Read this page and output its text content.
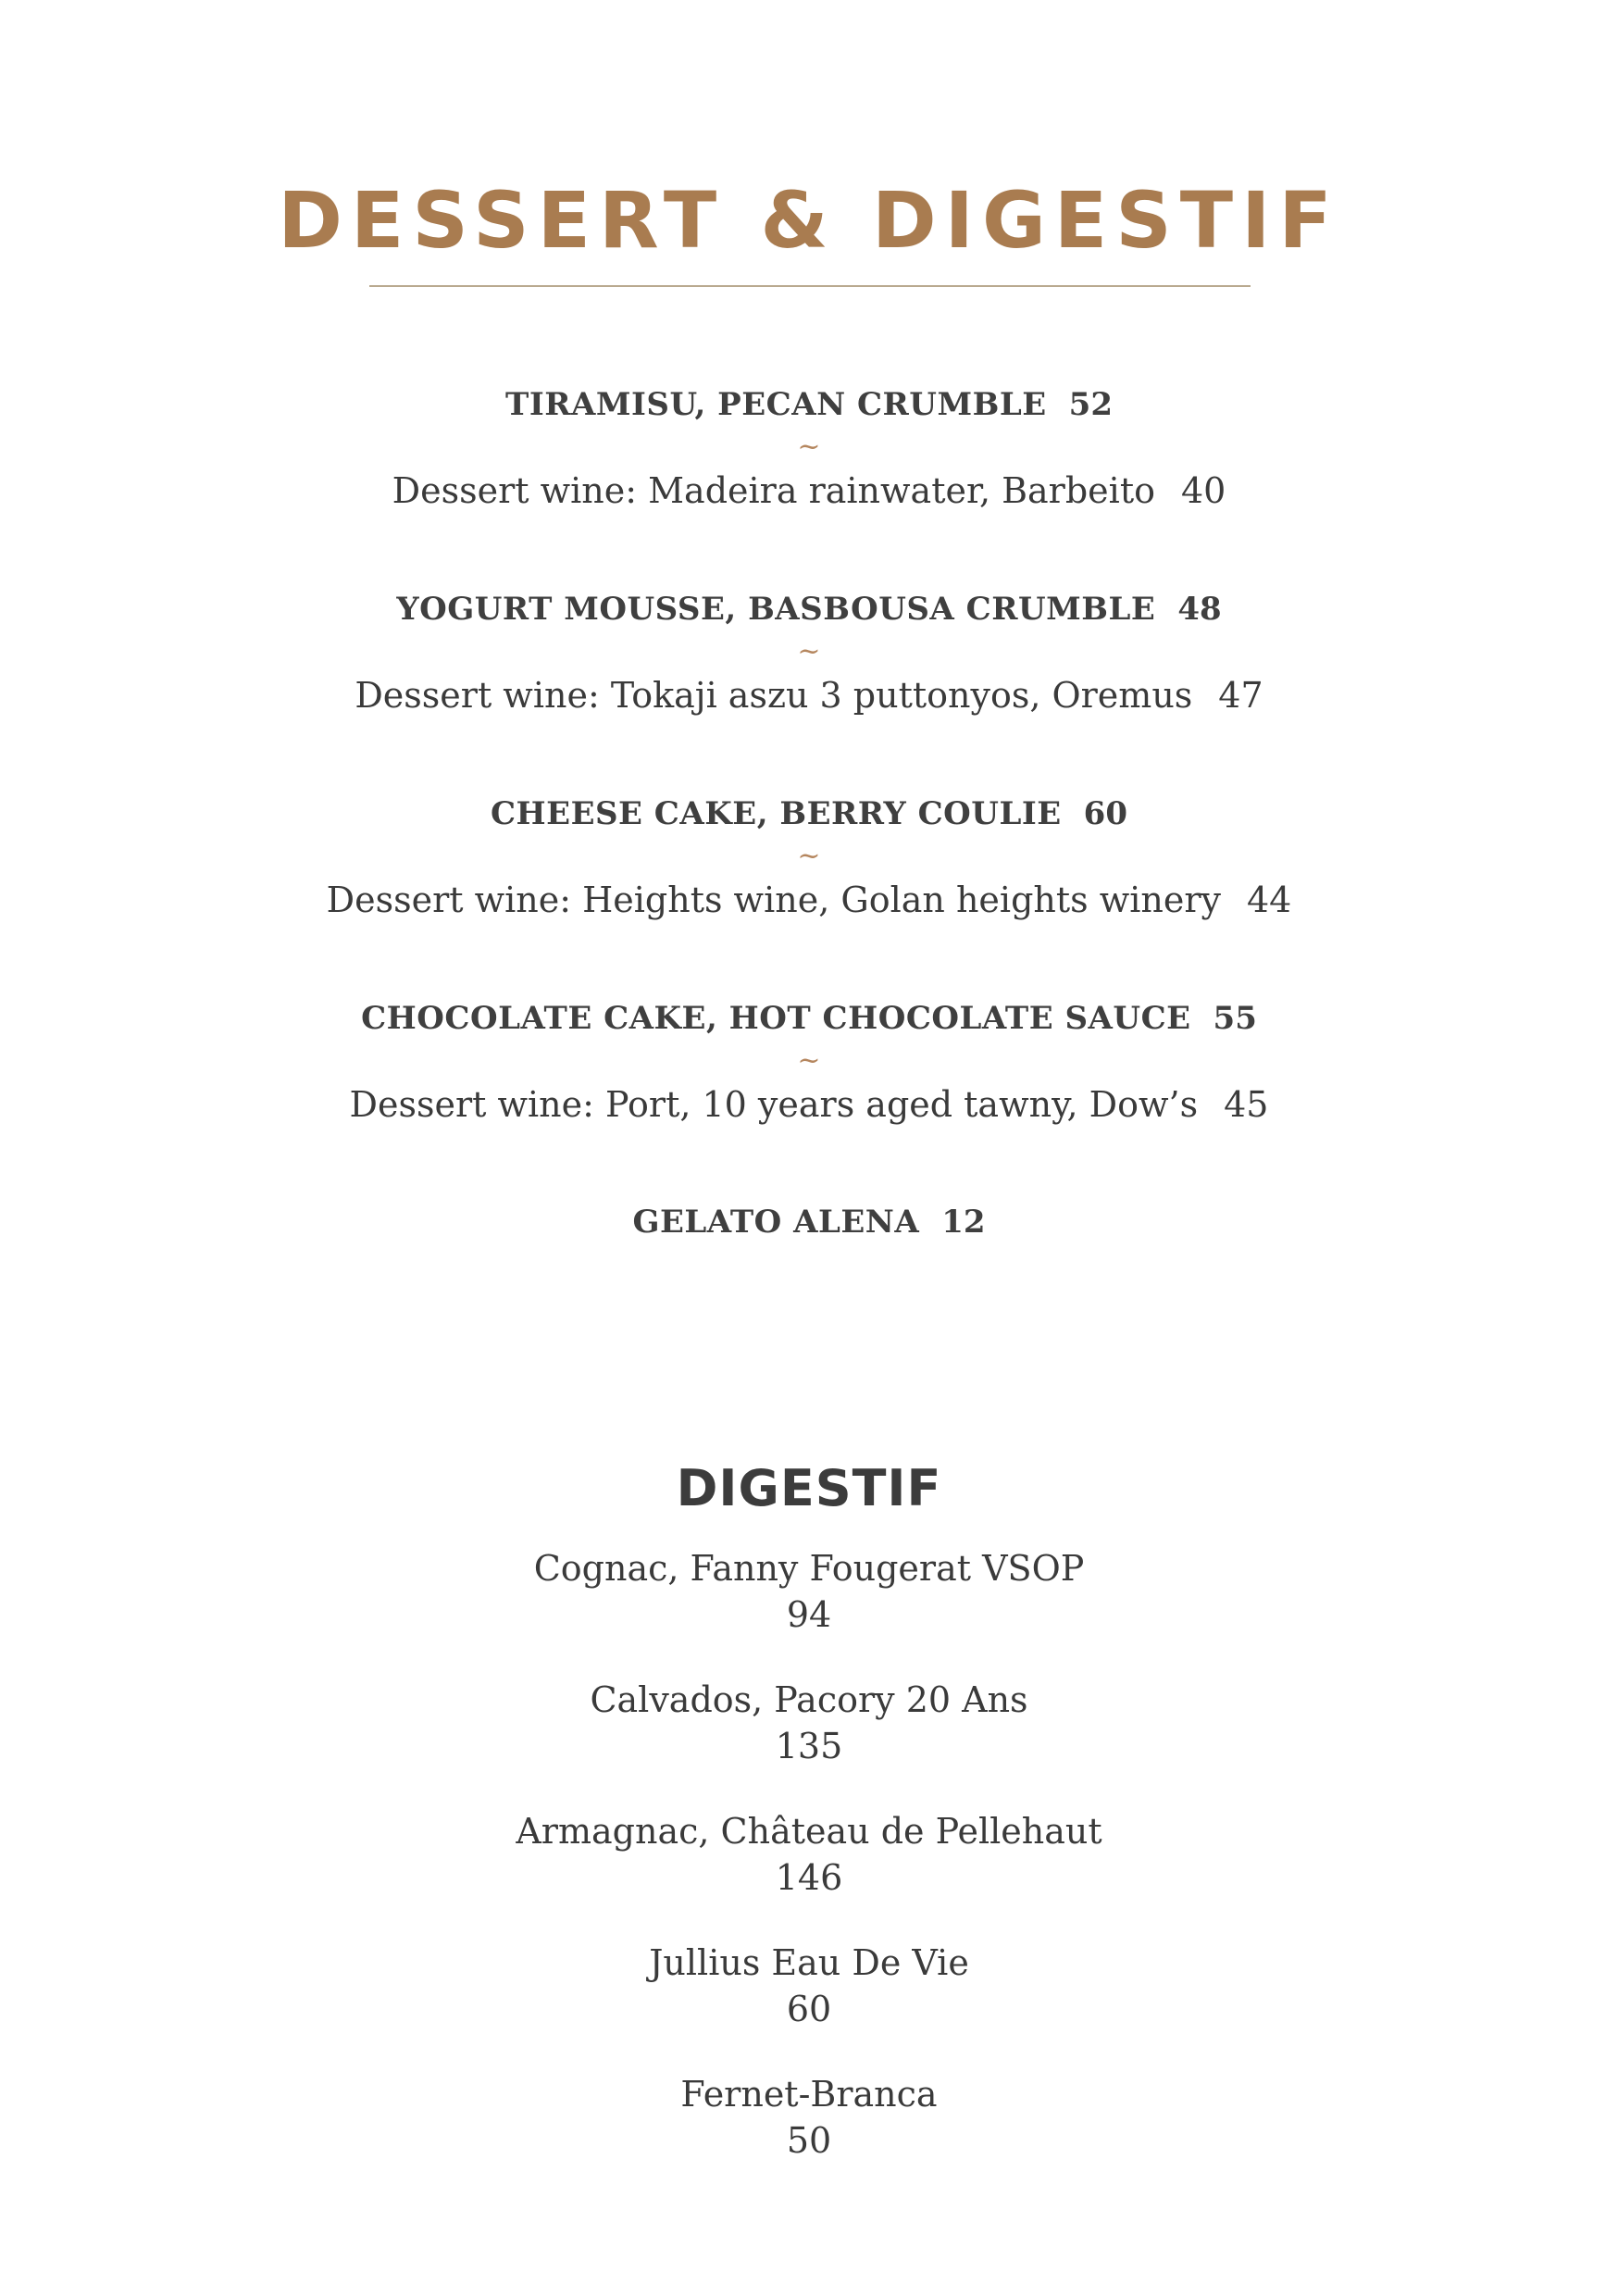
DESSERT & DIGESTIF
TIRAMISU, PECAN CRUMBLE 52
~
Dessert wine: Madeira rainwater, Barbeito 40
YOGURT MOUSSE, BASBOUSA CRUMBLE 48
~
Dessert wine: Tokaji aszu 3 puttonyos, Oremus 47
CHEESE CAKE, BERRY COULIE 60
~
Dessert wine: Heights wine, Golan heights winery 44
CHOCOLATE CAKE, HOT CHOCOLATE SAUCE 55
~
Dessert wine: Port, 10 years aged tawny, Dow’s 45
GELATO ALENA 12
DIGESTIF
Cognac, Fanny Fougerat VSOP
94
Calvados, Pacory 20 Ans
135
Armagnac, Château de Pellehaut
146
Jullius Eau De Vie
60
Fernet-Branca
50
